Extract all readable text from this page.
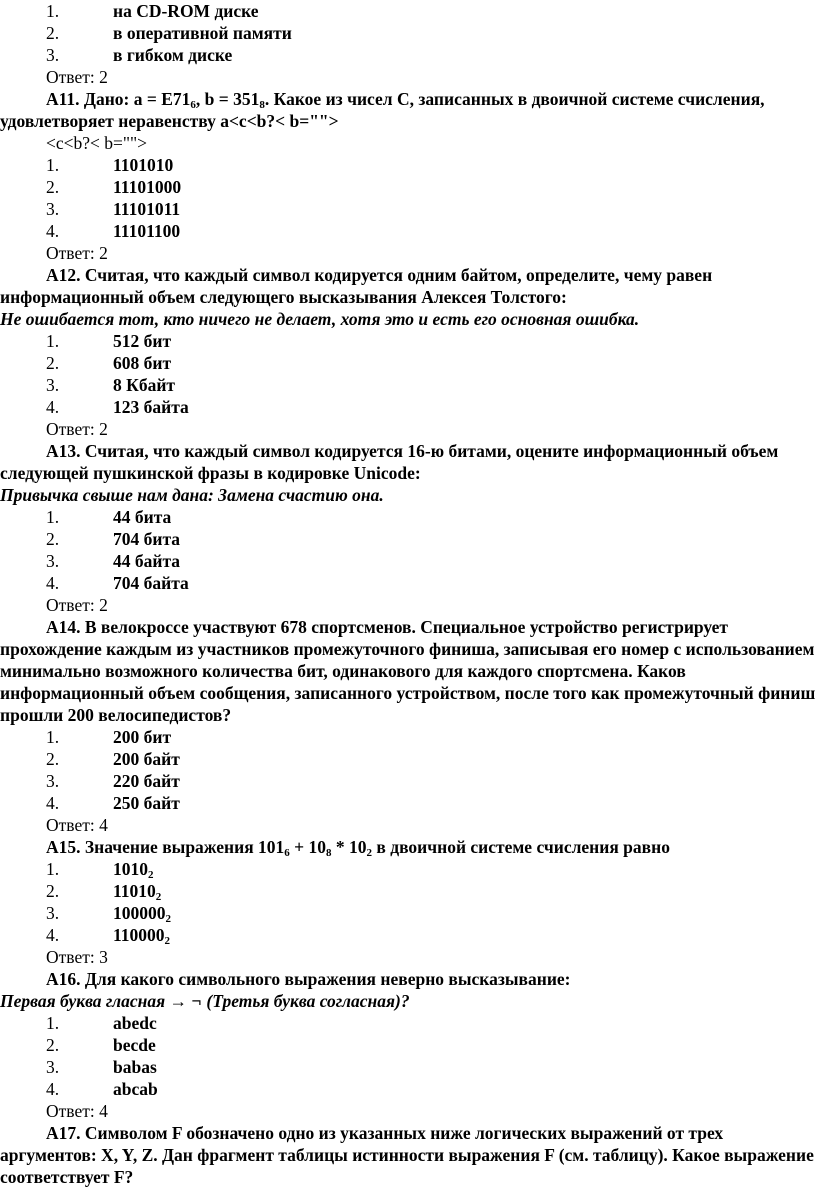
1.	на CD-ROM диске
2.	в оперативной памяти
3.	в гибком диске
Ответ: 2
А11. Дано: $a = E71_6$, $b = 351_8$. Какое из чисел C, записанных в двоичной системе счисления, удовлетворяет неравенству a<c<b?< b="">
<c<b?< b="">
1.	1101010
2.	11101000
3.	11101011
4.	11101100
Ответ: 2
А12. Считая, что каждый символ кодируется одним байтом, определите, чему равен информационный объем следующего высказывания Алексея Толстого:
Не ошибается тот, кто ничего не делает, хотя это и есть его основная ошибка.
1.	512 бит
2.	608 бит
3.	8 Кбайт
4.	123 байта
Ответ: 2
А13. Считая, что каждый символ кодируется 16-ю битами, оцените информационный объем следующей пушкинской фразы в кодировке Unicode:
Привычка свыше нам дана: Замена счастию она.
1.	44 бита
2.	704 бита
3.	44 байта
4.	704 байта
Ответ: 2
А14. В велокроссе участвуют 678 спортсменов. Специальное устройство регистрирует прохождение каждым из участников промежуточного финиша, записывая его номер с использованием минимально возможного количества бит, одинакового для каждого спортсмена. Каков информационный объем сообщения, записанного устройством, после того как промежуточный финиш прошли 200 велосипедистов?
1.	200 бит
2.	200 байт
3.	220 байт
4.	250 байт
Ответ: 4
А15. Значение выражения $101_6 + 10_8 * 10_2$ в двоичной системе счисления равно
1.	$1010_2$
2.	$11010_2$
3.	$100000_2$
4.	$110000_2$
Ответ: 3
А16. Для какого символьного выражения неверно высказывание:
Первая буква гласная → ¬ (Третья буква согласная)?
1.	abedc
2.	becde
3.	babas
4.	abcab
Ответ: 4
А17. Символом F обозначено одно из указанных ниже логических выражений от трех аргументов: X, Y, Z. Дан фрагмент таблицы истинности выражения F (см. таблицу). Какое выражение соответствует F?
